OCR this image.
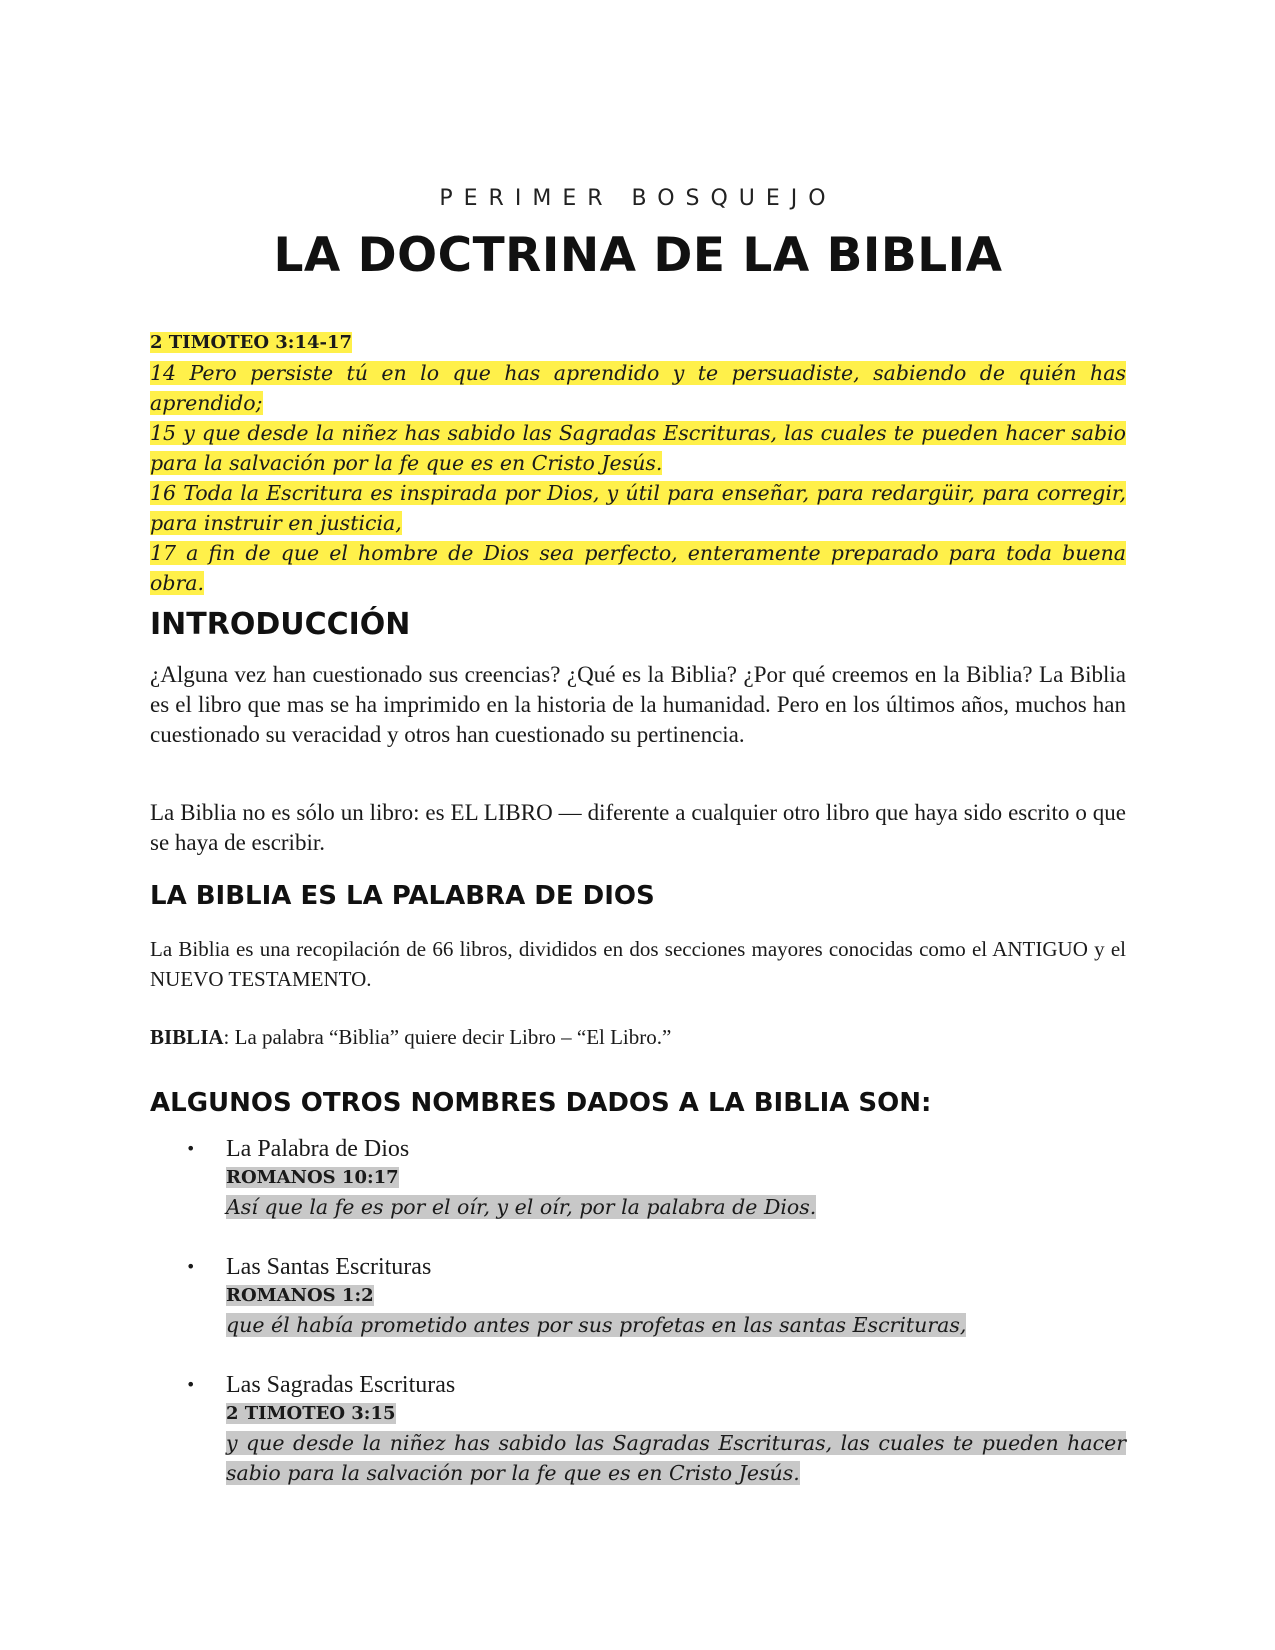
PERIMER BOSQUEJO
LA DOCTRINA DE LA BIBLIA
2 TIMOTEO 3:14-17
14 Pero persiste tú en lo que has aprendido y te persuadiste, sabiendo de quién has aprendido;
15 y que desde la niñez has sabido las Sagradas Escrituras, las cuales te pueden hacer sabio para la salvación por la fe que es en Cristo Jesús.
16 Toda la Escritura es inspirada por Dios, y útil para enseñar, para redargüir, para corregir, para instruir en justicia,
17 a fin de que el hombre de Dios sea perfecto, enteramente preparado para toda buena obra.
INTRODUCCIÓN
¿Alguna vez han cuestionado sus creencias? ¿Qué es la Biblia? ¿Por qué creemos en la Biblia? La Biblia es el libro que mas se ha imprimido en la historia de la humanidad. Pero en los últimos años, muchos han cuestionado su veracidad y otros han cuestionado su pertinencia.
La Biblia no es sólo un libro: es EL LIBRO — diferente a cualquier otro libro que haya sido escrito o que se haya de escribir.
LA BIBLIA ES LA PALABRA DE DIOS
La Biblia es una recopilación de 66 libros, divididos en dos secciones mayores conocidas como el ANTIGUO y el NUEVO TESTAMENTO.
BIBLIA: La palabra “Biblia” quiere decir Libro – “El Libro.”
ALGUNOS OTROS NOMBRES DADOS A LA BIBLIA SON:
• La Palabra de Dios
ROMANOS 10:17
Así que la fe es por el oír, y el oír, por la palabra de Dios.
• Las Santas Escrituras
ROMANOS 1:2
que él había prometido antes por sus profetas en las santas Escrituras,
• Las Sagradas Escrituras
2 TIMOTEO 3:15
y que desde la niñez has sabido las Sagradas Escrituras, las cuales te pueden hacer sabio para la salvación por la fe que es en Cristo Jesús.
